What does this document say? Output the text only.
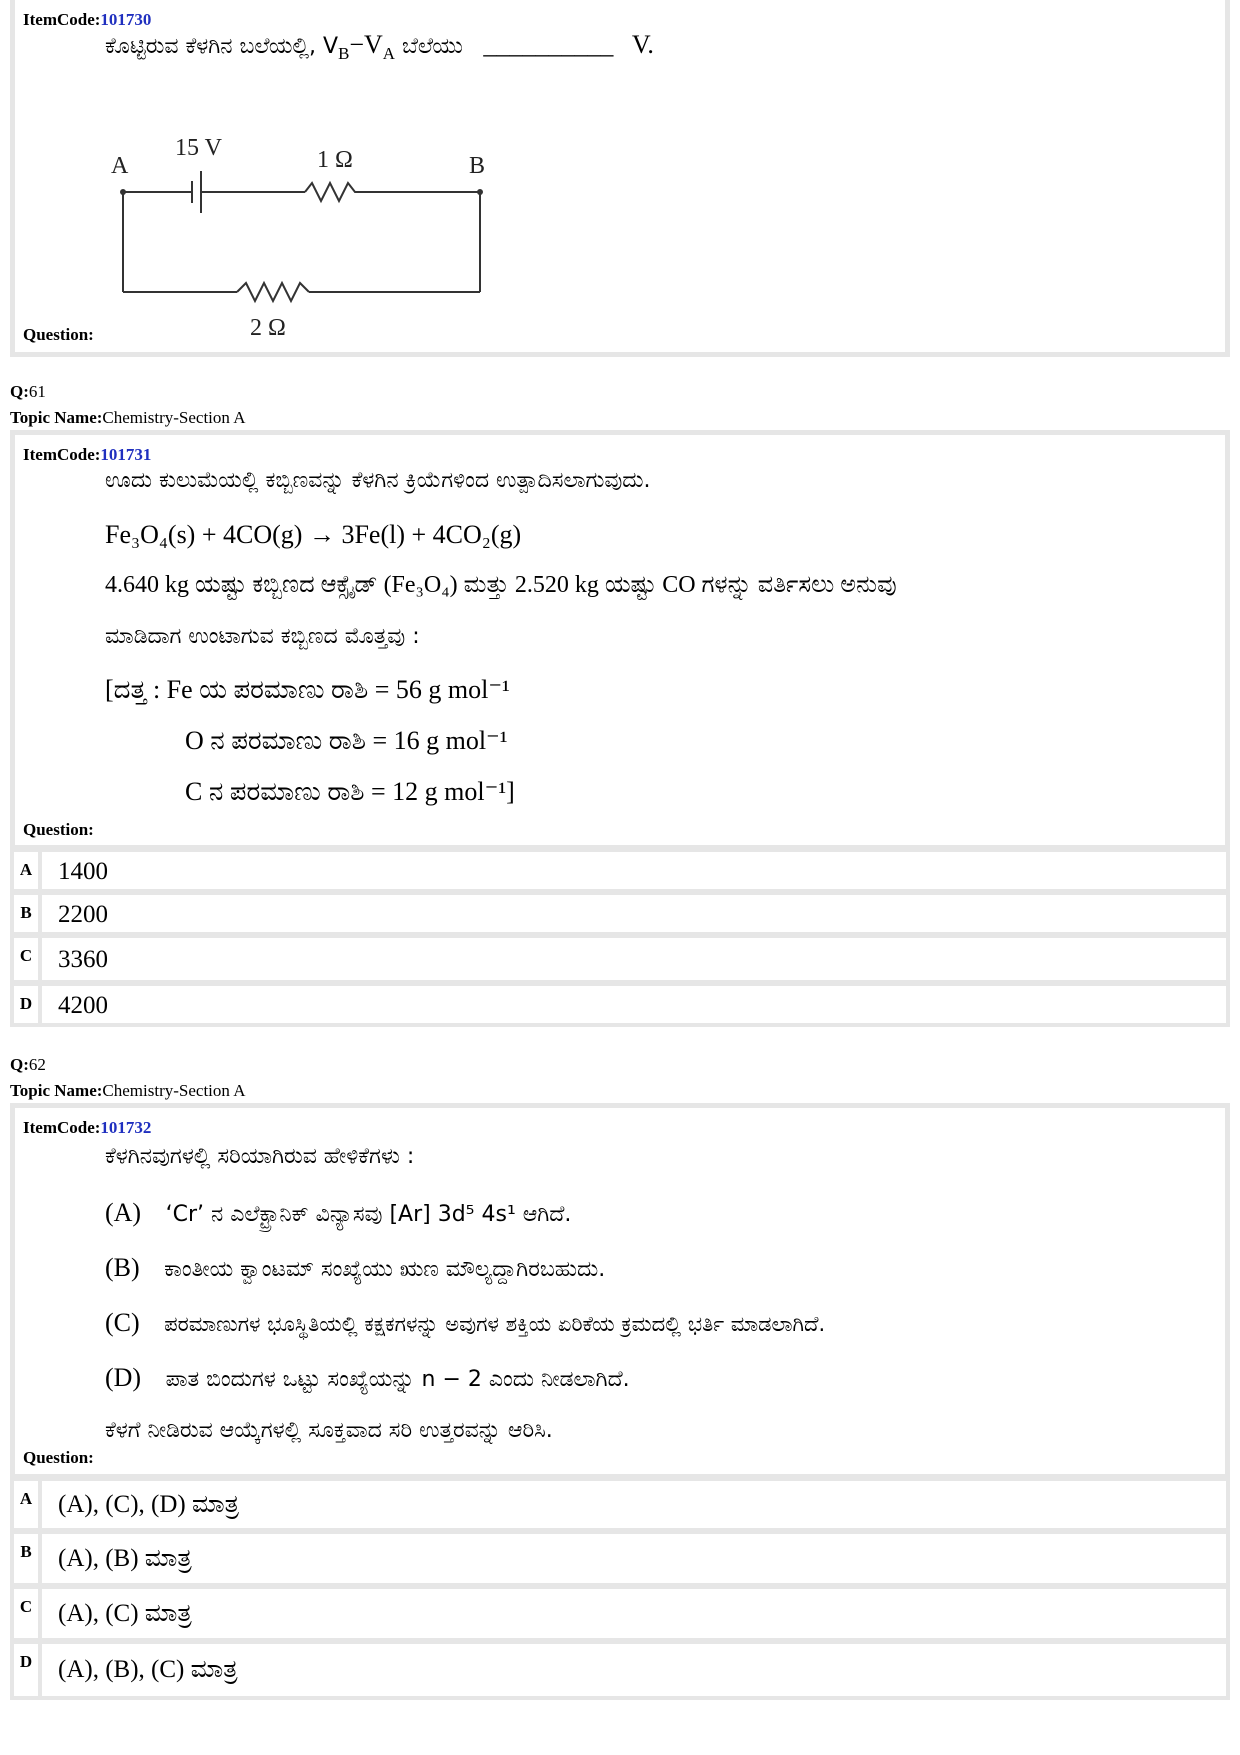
ItemCode:101730
ಕೊಟ್ಟಿರುವ ಕೆಳಗಿನ ಬಲೆಯಲ್ಲಿ, $V_B-V_A$ ಬೆಲೆಯು __________ V.
A	B
15 V	1 Ω
2 Ω
Question:
Q:61
Topic Name:Chemistry-Section A
ItemCode:101731
ಊದು ಕುಲುಮೆಯಲ್ಲಿ ಕಬ್ಬಿಣವನ್ನು ಕೆಳಗಿನ ಕ್ರಿಯೆಗಳಿಂದ ಉತ್ಪಾದಿಸಲಾಗುವುದು.
Fe₃O₄(s) + 4CO(g) → 3Fe(l) + 4CO₂(g)
4.640 kg ಯಷ್ಟು ಕಬ್ಬಿಣದ ಆಕ್ಸೈಡ್ (Fe₃O₄) ಮತ್ತು 2.520 kg ಯಷ್ಟು CO ಗಳನ್ನು ವರ್ತಿಸಲು ಅನುವು
ಮಾಡಿದಾಗ ಉಂಟಾಗುವ ಕಬ್ಬಿಣದ ಮೊತ್ತವು :
[ದತ್ತ : Fe ಯ ಪರಮಾಣು ರಾಶಿ = 56 g mol⁻¹
O ನ ಪರಮಾಣು ರಾಶಿ = 16 g mol⁻¹
C ನ ಪರಮಾಣು ರಾಶಿ = 12 g mol⁻¹]
Question:
A	1400
B	2200
C	3360
D	4200
Q:62
Topic Name:Chemistry-Section A
ItemCode:101732
ಕೆಳಗಿನವುಗಳಲ್ಲಿ ಸರಿಯಾಗಿರುವ ಹೇಳಿಕೆಗಳು :
(A) ‘Cr’ ನ ಎಲೆಕ್ಟ್ರಾನಿಕ್ ವಿನ್ಯಾಸವು [Ar] 3d⁵ 4s¹ ಆಗಿದೆ.
(B) ಕಾಂತೀಯ ಕ್ವಾಂಟಮ್ ಸಂಖ್ಯೆಯು ಋಣ ಮೌಲ್ಯದ್ದಾಗಿರಬಹುದು.
(C) ಪರಮಾಣುಗಳ ಭೂಸ್ಥಿತಿಯಲ್ಲಿ ಕಕ್ಷಕಗಳನ್ನು ಅವುಗಳ ಶಕ್ತಿಯ ಏರಿಕೆಯ ಕ್ರಮದಲ್ಲಿ ಭರ್ತಿ ಮಾಡಲಾಗಿದೆ.
(D) ಪಾತ ಬಿಂದುಗಳ ಒಟ್ಟು ಸಂಖ್ಯೆಯನ್ನು n − 2 ಎಂದು ನೀಡಲಾಗಿದೆ.
ಕೆಳಗೆ ನೀಡಿರುವ ಆಯ್ಕೆಗಳಲ್ಲಿ ಸೂಕ್ತವಾದ ಸರಿ ಉತ್ತರವನ್ನು ಆರಿಸಿ.
Question:
A	(A), (C), (D) ಮಾತ್ರ
B	(A), (B) ಮಾತ್ರ
C	(A), (C) ಮಾತ್ರ
D	(A), (B), (C) ಮಾತ್ರ
